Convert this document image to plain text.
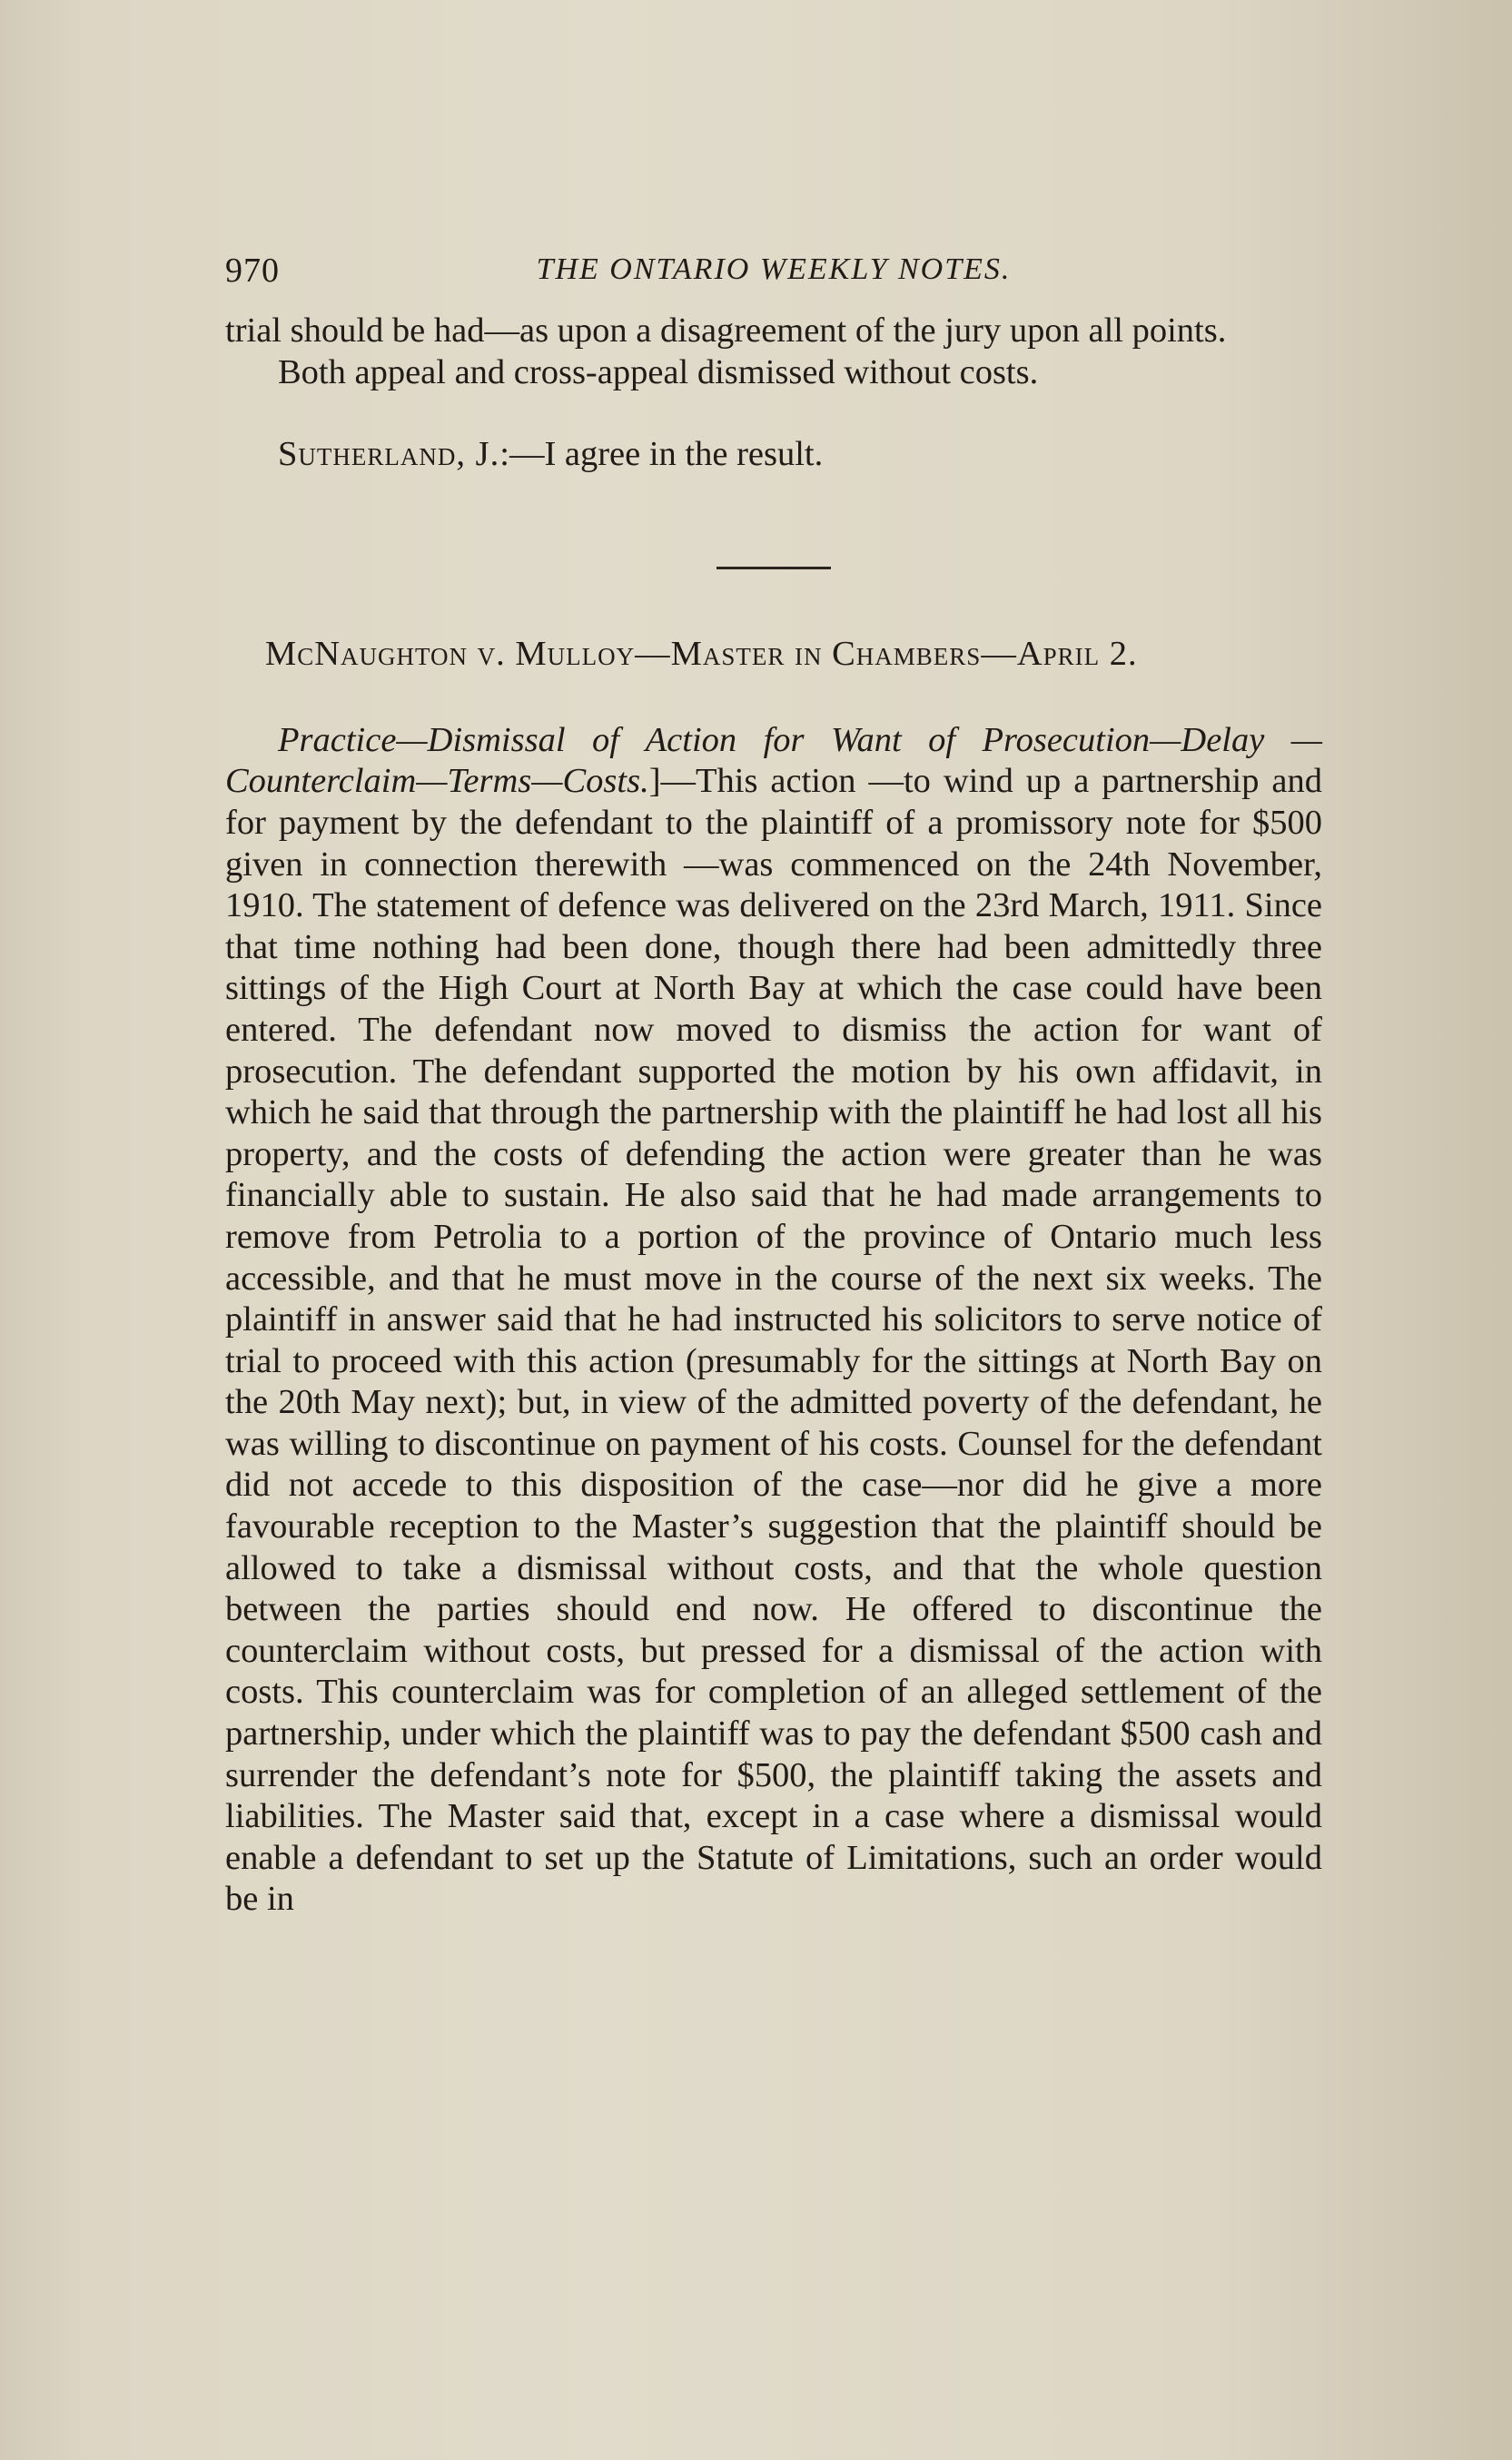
970	THE ONTARIO WEEKLY NOTES.

trial should be had—as upon a disagreement of the jury upon all points.

Both appeal and cross-appeal dismissed without costs.

Sutherland, J.:—I agree in the result.

McNaughton v. Mulloy—Master in Chambers—April 2.

Practice—Dismissal of Action for Want of Prosecution—Delay — Counterclaim—Terms—Costs.]—This action —to wind up a partnership and for payment by the defendant to the plaintiff of a promissory note for $500 given in connection therewith —was commenced on the 24th November, 1910. The statement of defence was delivered on the 23rd March, 1911. Since that time nothing had been done, though there had been admittedly three sittings of the High Court at North Bay at which the case could have been entered. The defendant now moved to dismiss the action for want of prosecution. The defendant supported the motion by his own affidavit, in which he said that through the partnership with the plaintiff he had lost all his property, and the costs of defending the action were greater than he was financially able to sustain. He also said that he had made arrangements to remove from Petrolia to a portion of the province of Ontario much less accessible, and that he must move in the course of the next six weeks. The plaintiff in answer said that he had instructed his solicitors to serve notice of trial to proceed with this action (presumably for the sittings at North Bay on the 20th May next); but, in view of the admitted poverty of the defendant, he was willing to discontinue on payment of his costs. Counsel for the defendant did not accede to this disposition of the case—nor did he give a more favourable reception to the Master’s suggestion that the plaintiff should be allowed to take a dismissal without costs, and that the whole question between the parties should end now. He offered to discontinue the counterclaim without costs, but pressed for a dismissal of the action with costs. This counterclaim was for completion of an alleged settlement of the partnership, under which the plaintiff was to pay the defendant $500 cash and surrender the defendant’s note for $500, the plaintiff taking the assets and liabilities. The Master said that, except in a case where a dismissal would enable a defendant to set up the Statute of Limitations, such an order would be in
